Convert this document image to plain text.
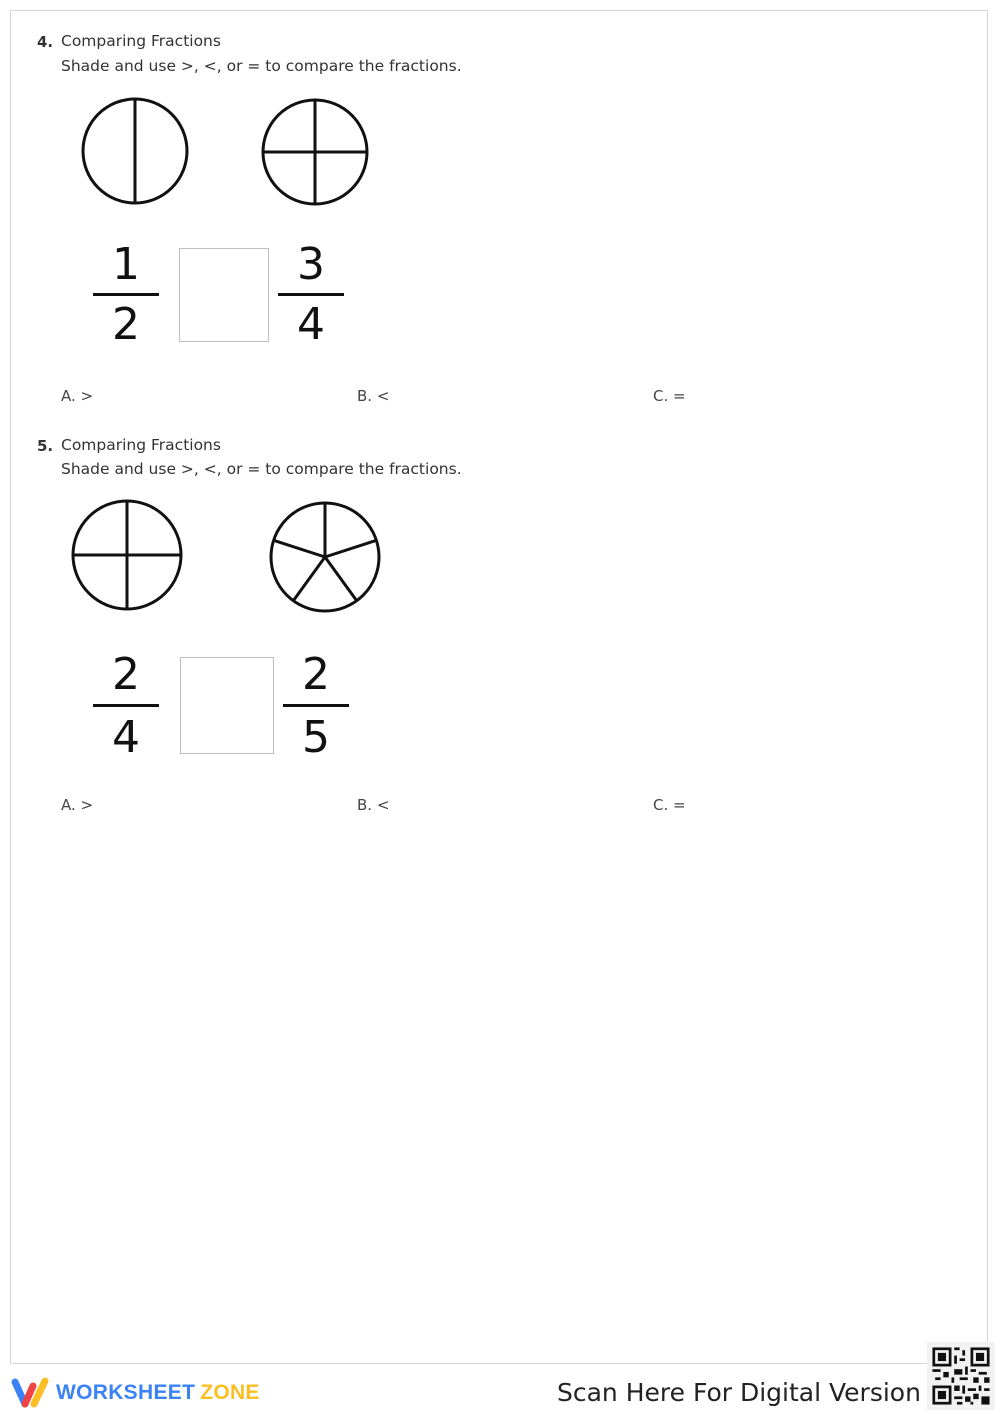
4. Comparing Fractions
Shade and use >, <, or = to compare the fractions.
1
2
3
4
A. >	B. <	C. =
5. Comparing Fractions
Shade and use >, <, or = to compare the fractions.
2
4
2
5
A. >	B. <	C. =
WORKSHEET ZONE	Scan Here For Digital Version
